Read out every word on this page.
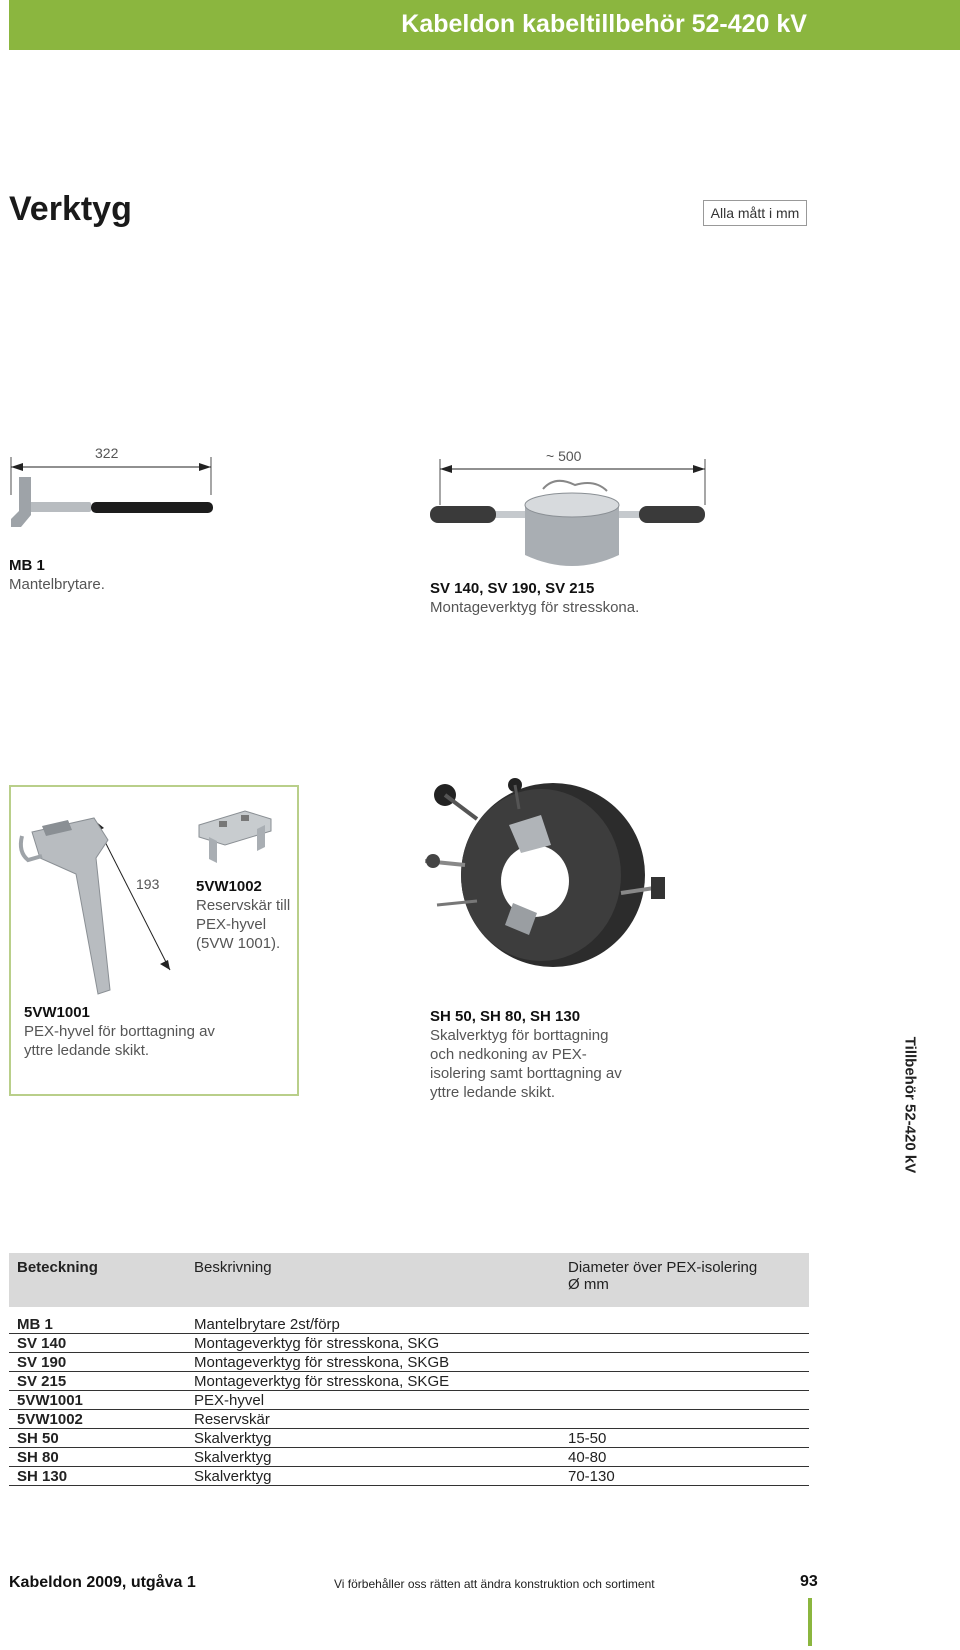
Kabeldon kabeltillbehör 52-420 kV
Verktyg	Alla mått i mm
322
MB 1
Mantelbrytare.
~ 500
SV 140, SV 190, SV 215
Montageverktyg för stresskona.
193 5VW1002
Reservskär till
PEX-hyvel
(5VW 1001).
5VW1001
PEX-hyvel för borttagning av
yttre ledande skikt.
SH 50, SH 80, SH 130
Skalverktyg för borttagning
och nedkoning av PEX-
isolering samt borttagning av
yttre ledande skikt.	Tillbehör 52-420 kV
Beteckning	Beskrivning	Diameter över PEX-isolering
Ø mm

MB 1	Mantelbrytare 2st/förp	
SV 140	Montageverktyg för stresskona, SKG	
SV 190	Montageverktyg för stresskona, SKGB	
SV 215	Montageverktyg för stresskona, SKGE	
5VW1001	PEX-hyvel	
5VW1002	Reservskär	
SH 50	Skalverktyg	15-50
SH 80	Skalverktyg	40-80
SH 130	Skalverktyg	70-130
Kabeldon 2009, utgåva 1	Vi förbehåller oss rätten att ändra konstruktion och sortiment	93
